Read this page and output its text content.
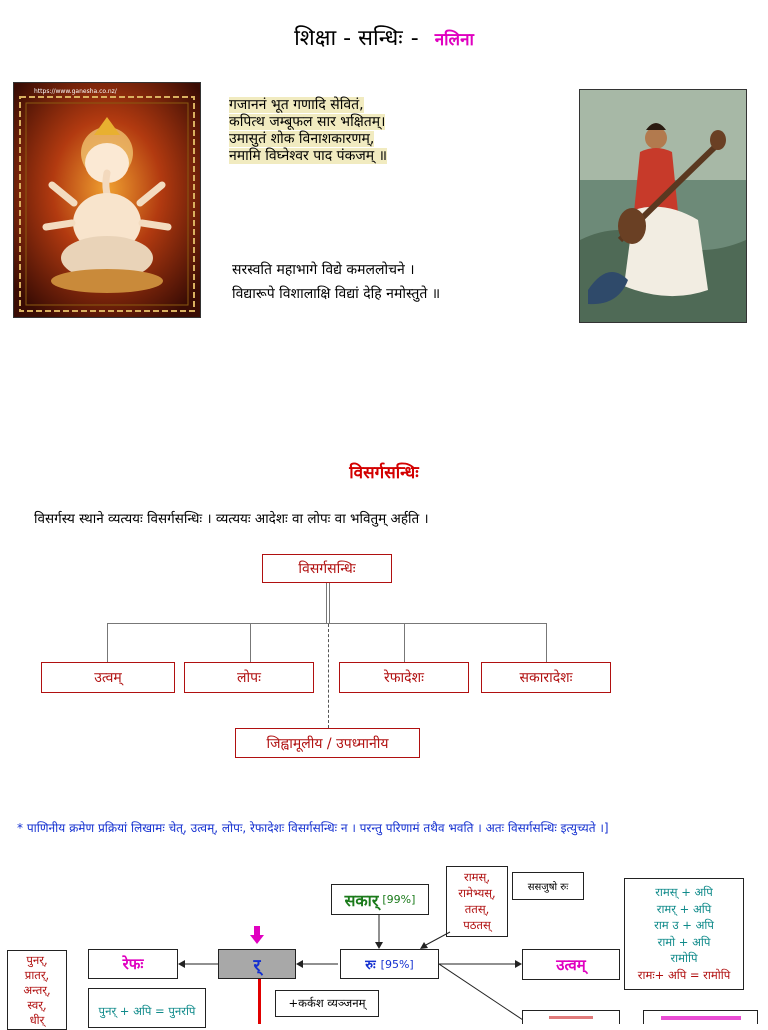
शिक्षा - सन्धिः - नलिना
https://www.ganesha.co.nz/
गजाननं भूत गणादि सेवितं,
कपित्थ जम्बूफल सार भक्षितम्।
उमासुतं शोक विनाशकारणम्,
नमामि विघ्नेश्वर पाद पंकजम् ॥
सरस्वति महाभागे विद्ये कमललोचने ।
विद्यारूपे विशालाक्षि विद्यां देहि नमोस्तुते ॥
विसर्गसन्धिः
विसर्गस्य स्थाने व्यत्ययः विसर्गसन्धिः । व्यत्ययः आदेशः वा लोपः वा भवितुम् अर्हति ।
विसर्गसन्धिः
उत्वम्	लोपः	रेफादेशः	सकारादेशः
जिह्वामूलीय / उपध्मानीय
* पाणिनीय क्रमेण प्रक्रियां लिखामः चेत्, उत्वम्, लोपः, रेफादेशः विसर्गसन्धिः न । परन्तु परिणामं तथैव भवति । अतः विसर्गसन्धिः इत्युच्यते ।]
पुनर्,
प्रातर्,
अन्तर्,
स्वर्,
धीर्
रेफः	र्
पुनर् + अपि = पुनरपि
+कर्कश व्यञ्जनम्
सकार् [99%]
रुः [95%]
रामस्,
रामेभ्यस्,
ततस्,
पठतस्
ससजुषो रुः
उत्वम्
रामस् + अपि
रामर् + अपि
राम उ + अपि
रामो + अपि
रामोपि
रामः+ अपि = रामोपि
